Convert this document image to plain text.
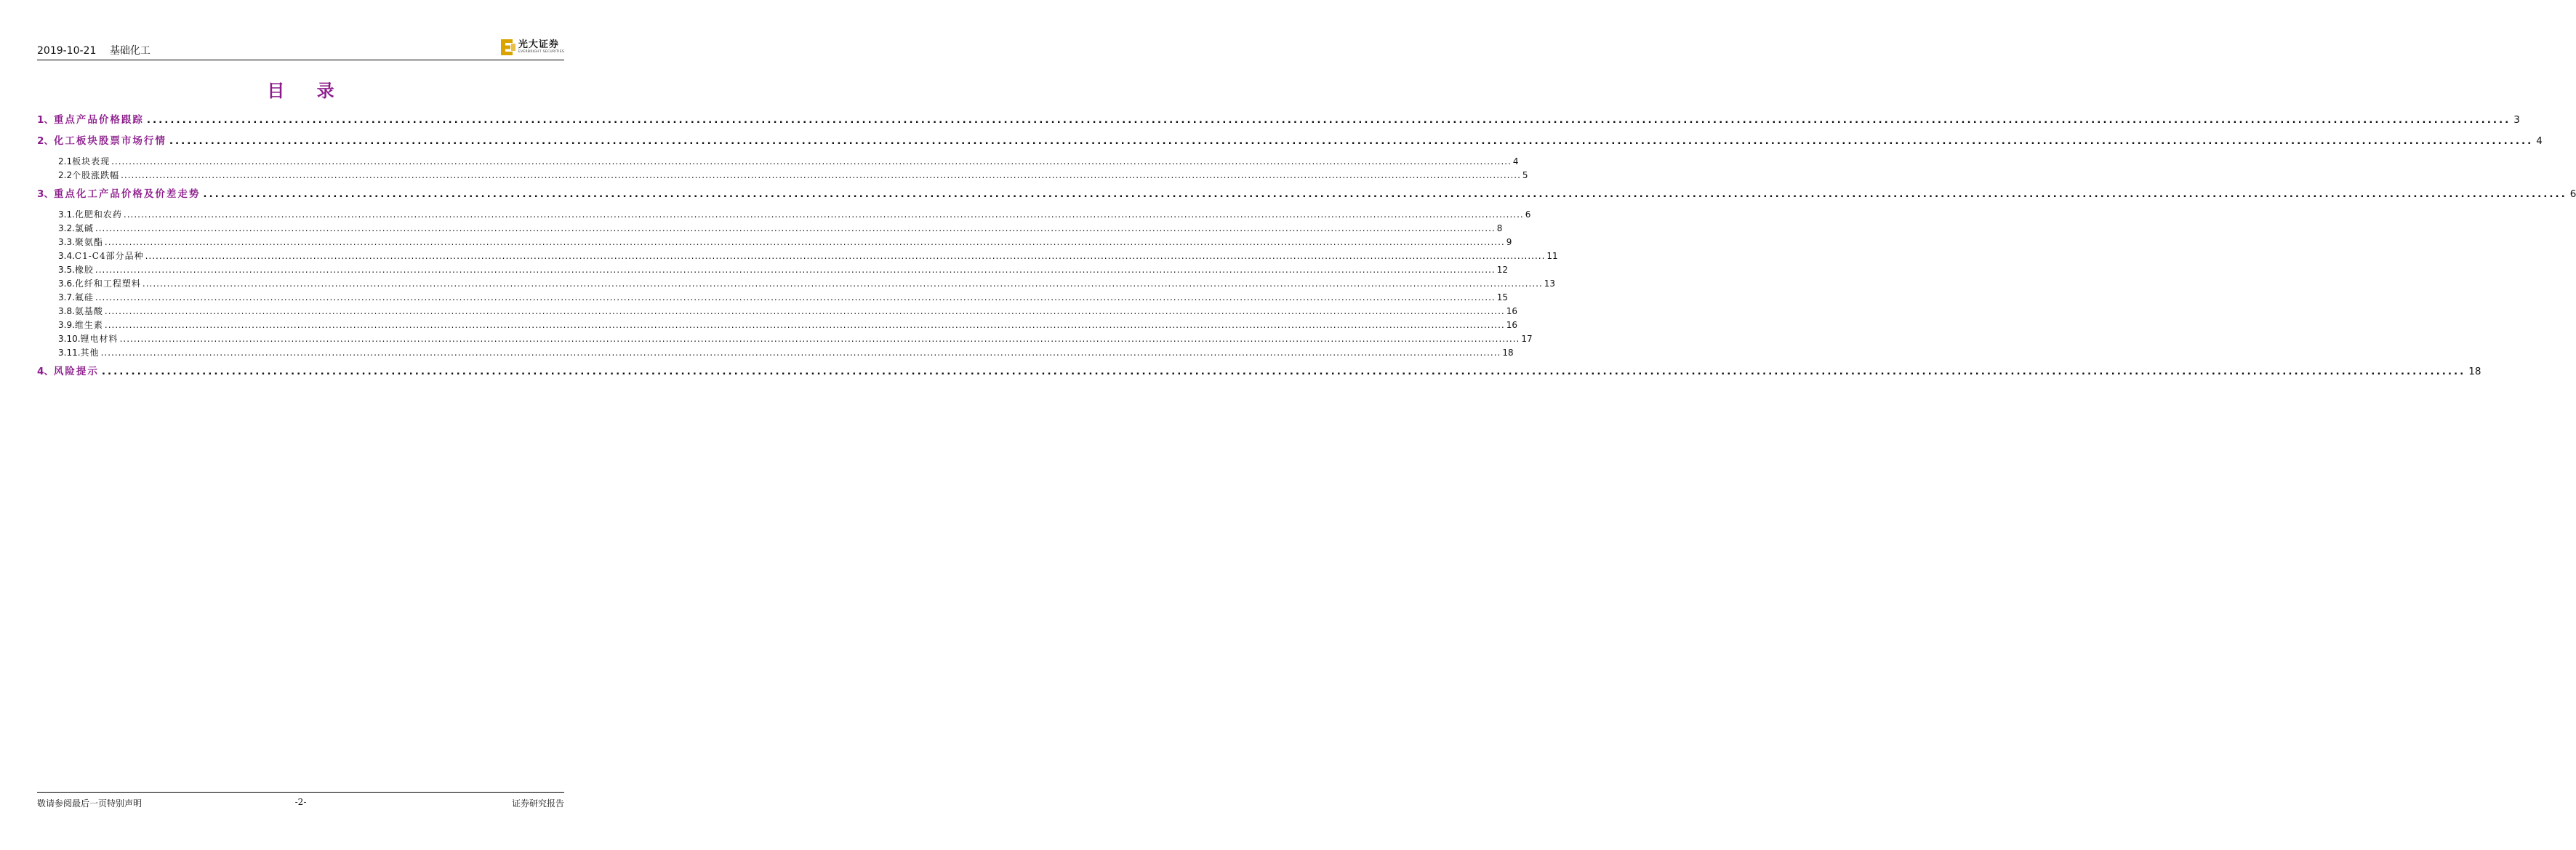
2019-10-21 基础化工
光大证券
EVERBRIGHT SECURITIES
目 录
1、 重点产品价格跟踪 ................................................................................................................................................................................................................................................................................................................................................................................................................ 3
2、 化工板块股票市场行情 ................................................................................................................................................................................................................................................................................................................................................................................................................ 4
2.1 板块表现 ................................................................................................................................................................................................................................................................................................................................................................................................................ 4
2.2 个股涨跌幅 ................................................................................................................................................................................................................................................................................................................................................................................................................ 5
3、 重点化工产品价格及价差走势 ................................................................................................................................................................................................................................................................................................................................................................................................................ 6
3.1. 化肥和农药 ................................................................................................................................................................................................................................................................................................................................................................................................................ 6
3.2. 氯碱 ................................................................................................................................................................................................................................................................................................................................................................................................................ 8
3.3. 聚氨酯 ................................................................................................................................................................................................................................................................................................................................................................................................................ 9
3.4. C1-C4部分品种 ................................................................................................................................................................................................................................................................................................................................................................................................................ 11
3.5. 橡胶 ................................................................................................................................................................................................................................................................................................................................................................................................................ 12
3.6. 化纤和工程塑料 ................................................................................................................................................................................................................................................................................................................................................................................................................ 13
3.7. 氟硅 ................................................................................................................................................................................................................................................................................................................................................................................................................ 15
3.8. 氨基酸 ................................................................................................................................................................................................................................................................................................................................................................................................................ 16
3.9. 维生素 ................................................................................................................................................................................................................................................................................................................................................................................................................ 16
3.10. 锂电材料 ................................................................................................................................................................................................................................................................................................................................................................................................................ 17
3.11. 其他 ................................................................................................................................................................................................................................................................................................................................................................................................................ 18
4、 风险提示 ................................................................................................................................................................................................................................................................................................................................................................................................................ 18
敬请参阅最后一页特别声明	-2-	证券研究报告
